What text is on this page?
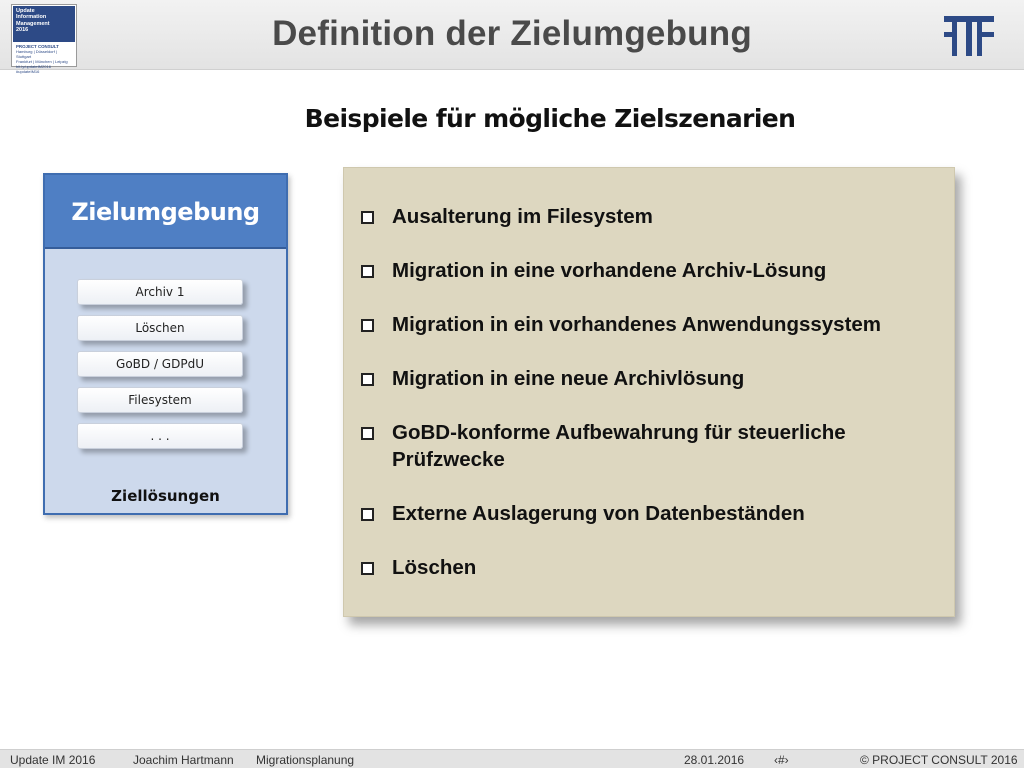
Update
Information
Management
2016
PROJECT CONSULT
Hamburg | Düsseldorf | Stuttgart
Frankfurt | München | Leipzig
bit.ly/updateIM2016 #updateIM16
Definition der Zielumgebung
Beispiele für mögliche Zielszenarien
Zielumgebung
Archiv 1
Löschen
GoBD / GDPdU
Filesystem
. . .
Ziellösungen
Ausalterung im Filesystem
Migration in eine vorhandene Archiv-Lösung
Migration in ein vorhandenes Anwendungssystem
Migration in eine neue Archivlösung
GoBD-konforme Aufbewahrung für steuerliche Prüfzwecke
Externe Auslagerung von Datenbeständen
Löschen
Update IM 2016	Joachim Hartmann Migrationsplanung	28.01.2016 ‹#›	© PROJECT CONSULT 2016
